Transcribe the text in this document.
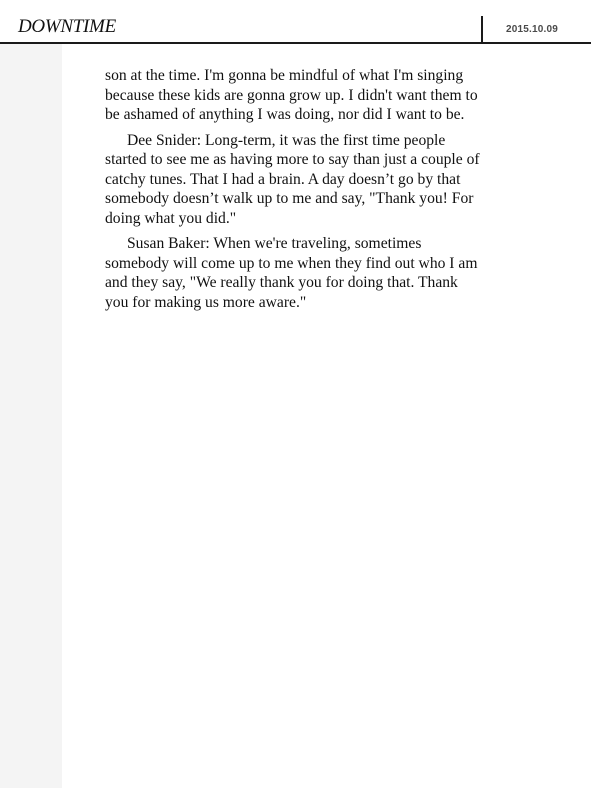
DOWNTIME	2015.10.09

son at the time. I'm gonna be mindful of what I'm singing because these kids are gonna grow up. I didn't want them to be ashamed of anything I was doing, nor did I want to be.

Dee Snider: Long-term, it was the first time people started to see me as having more to say than just a couple of catchy tunes. That I had a brain. A day doesn’t go by that somebody doesn’t walk up to me and say, "Thank you! For doing what you did."

Susan Baker: When we're traveling, sometimes somebody will come up to me when they find out who I am and they say, "We really thank you for doing that. Thank you for making us more aware."
